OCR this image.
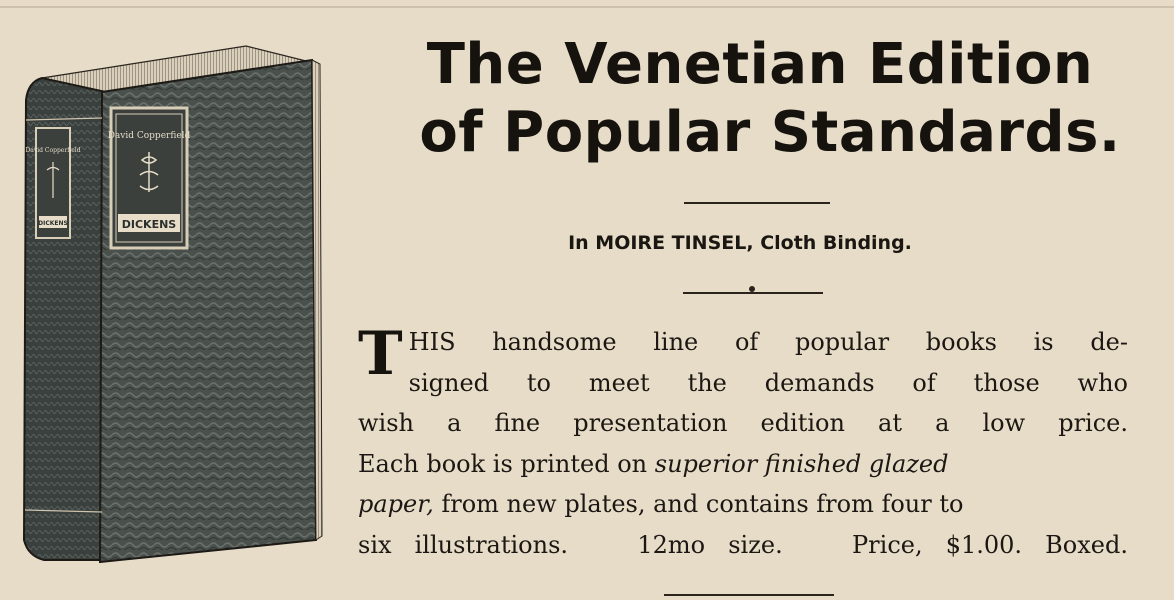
David Copperfield
DICKENS
David Copperfield
DICKENS
The Venetian Edition
of Popular Standards.
In MOIRE TINSEL, Cloth Binding.
T HIS handsome line of popular books is de-
signed to meet the demands of those who
wish a fine presentation edition at a low price.
Each book is printed on superior finished glazed
paper, from new plates, and contains from four to
six illustrations.	12mo size.	Price, $1.00. Boxed.
